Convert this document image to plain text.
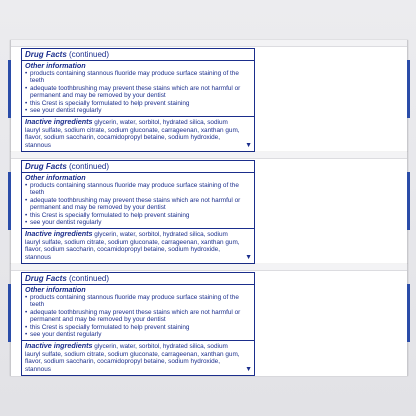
Drug Facts (continued)
Other information
• products containing stannous fluoride may produce surface staining of the teeth
• adequate toothbrushing may prevent these stains which are not harmful or permanent and may be removed by your dentist
• this Crest is specially formulated to help prevent staining
• see your dentist regularly
Inactive ingredients glycerin, water, sorbitol, hydrated silica, sodium lauryl sulfate, sodium citrate, sodium gluconate, carrageenan, xanthan gum, flavor, sodium saccharin, cocamidopropyl betaine, sodium hydroxide, stannous	▼
Drug Facts (continued)
Other information
• products containing stannous fluoride may produce surface staining of the teeth
• adequate toothbrushing may prevent these stains which are not harmful or permanent and may be removed by your dentist
• this Crest is specially formulated to help prevent staining
• see your dentist regularly
Inactive ingredients glycerin, water, sorbitol, hydrated silica, sodium lauryl sulfate, sodium citrate, sodium gluconate, carrageenan, xanthan gum, flavor, sodium saccharin, cocamidopropyl betaine, sodium hydroxide, stannous	▼
Drug Facts (continued)
Other information
• products containing stannous fluoride may produce surface staining of the teeth
• adequate toothbrushing may prevent these stains which are not harmful or permanent and may be removed by your dentist
• this Crest is specially formulated to help prevent staining
• see your dentist regularly
Inactive ingredients glycerin, water, sorbitol, hydrated silica, sodium lauryl sulfate, sodium citrate, sodium gluconate, carrageenan, xanthan gum, flavor, sodium saccharin, cocamidopropyl betaine, sodium hydroxide, stannous	▼
